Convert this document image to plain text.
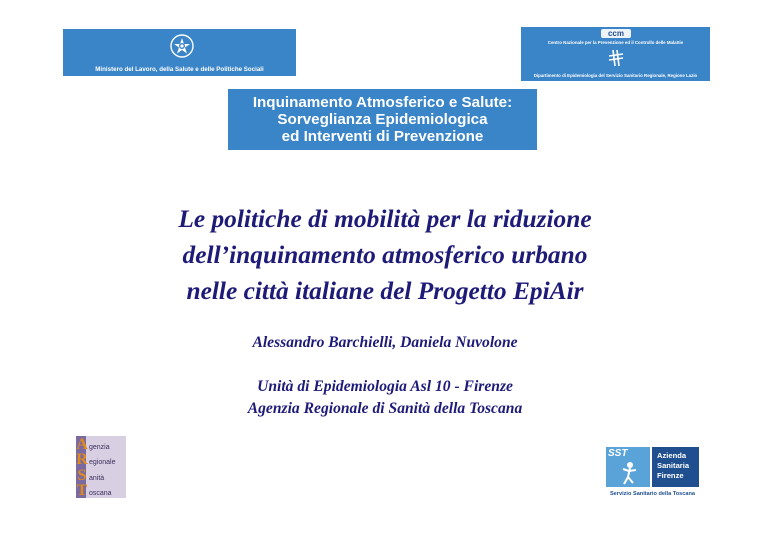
Ministero del Lavoro, della Salute e delle Politiche Sociali
ccm
Centro Nazionale per la Prevenzione ed il Controllo delle Malattie
Dipartimento di Epidemiologia del Servizio Sanitario Regionale, Regione Lazio
Inquinamento Atmosferico e Salute:
Sorveglianza Epidemiologica
ed Interventi di Prevenzione
Le politiche di mobilità per la riduzione
dell’inquinamento atmosferico urbano
nelle città italiane del Progetto EpiAir
Alessandro Barchielli, Daniela Nuvolone
Unità di Epidemiologia Asl 10 - Firenze
Agenzia Regionale di Sanità della Toscana
A genzia
R egionale
S anità
T oscana
SST	Azienda
Sanitaria
Firenze
Servizio Sanitario della Toscana
